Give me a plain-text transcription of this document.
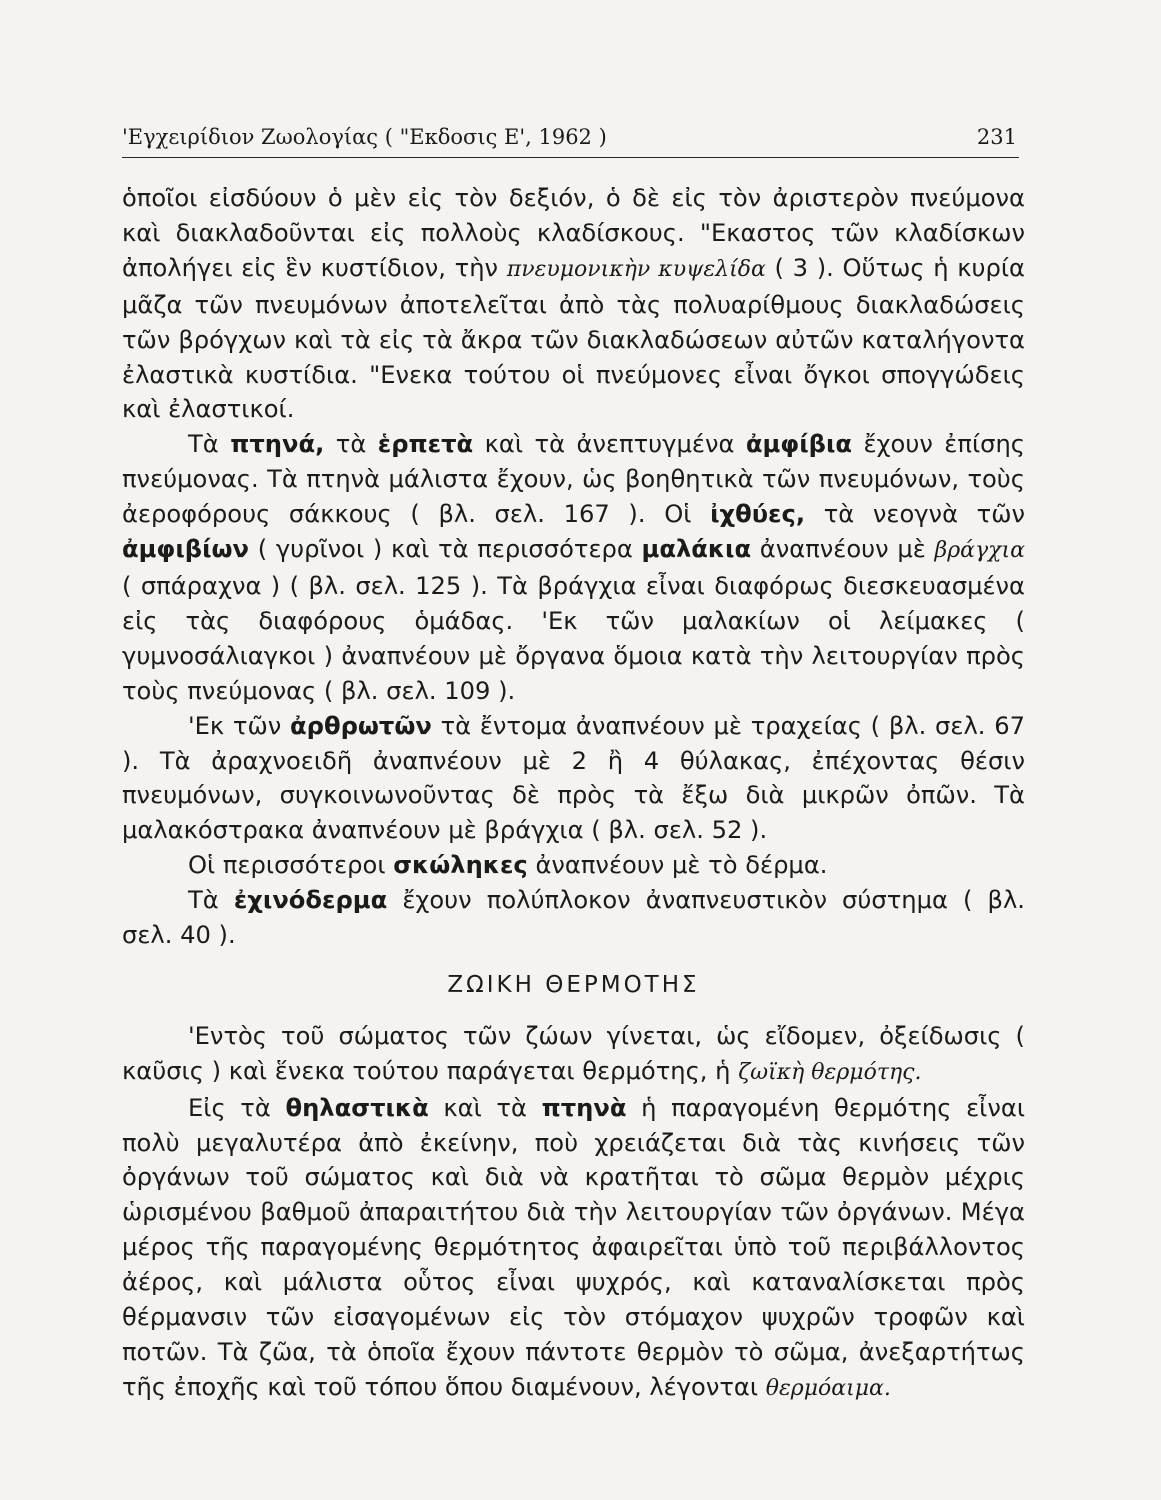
'Εγχειρίδιον Ζωολογίας ( "Εκδοσις Ε', 1962 )	231

ὁποῖοι εἰσδύουν ὁ μὲν εἰς τὸν δεξιόν, ὁ δὲ εἰς τὸν ἀριστερὸν πνεύμονα καὶ διακλαδοῦνται εἰς πολλοὺς κλαδίσκους. "Εκαστος τῶν κλαδίσκων ἀπολήγει εἰς ἓν κυστίδιον, τὴν πνευμονικὴν κυψελίδα ( 3 ). Οὕτως ἡ κυρία μᾶζα τῶν πνευμόνων ἀποτελεῖται ἀπὸ τὰς πολυαρίθμους διακλαδώσεις τῶν βρόγχων καὶ τὰ εἰς τὰ ἄκρα τῶν διακλαδώσεων αὐτῶν καταλήγοντα ἐλαστικὰ κυστίδια. "Ενεκα τούτου οἱ πνεύμονες εἶναι ὄγκοι σπογγώδεις καὶ ἐλαστικοί.

Τὰ πτηνά, τὰ ἑρπετὰ καὶ τὰ ἀνεπτυγμένα ἀμφίβια ἔχουν ἐπίσης πνεύμονας. Τὰ πτηνὰ μάλιστα ἔχουν, ὡς βοηθητικὰ τῶν πνευμόνων, τοὺς ἀεροφόρους σάκκους ( βλ. σελ. 167 ). Οἱ ἰχθύες, τὰ νεογνὰ τῶν ἀμφιβίων ( γυρῖνοι ) καὶ τὰ περισσότερα μαλάκια ἀναπνέουν μὲ βράγχια ( σπάραχνα ) ( βλ. σελ. 125 ). Τὰ βράγχια εἶναι διαφόρως διεσκευασμένα εἰς τὰς διαφόρους ὁμάδας. 'Εκ τῶν μαλακίων οἱ λείμακες ( γυμνοσάλιαγκοι ) ἀναπνέουν μὲ ὄργανα ὅμοια κατὰ τὴν λειτουργίαν πρὸς τοὺς πνεύμονας ( βλ. σελ. 109 ).

'Εκ τῶν ἀρθρωτῶν τὰ ἔντομα ἀναπνέουν μὲ τραχείας ( βλ. σελ. 67 ). Τὰ ἀραχνοειδῆ ἀναπνέουν μὲ 2 ἢ 4 θύλακας, ἐπέχοντας θέσιν πνευμόνων, συγκοινωνοῦντας δὲ πρὸς τὰ ἔξω διὰ μικρῶν ὀπῶν. Τὰ μαλακόστρακα ἀναπνέουν μὲ βράγχια ( βλ. σελ. 52 ).

Οἱ περισσότεροι σκώληκες ἀναπνέουν μὲ τὸ δέρμα.

Τὰ ἐχινόδερμα ἔχουν πολύπλοκον ἀναπνευστικὸν σύστημα ( βλ. σελ. 40 ).

ΖΩΙΚΗ ΘΕΡΜΟΤΗΣ

'Εντὸς τοῦ σώματος τῶν ζώων γίνεται, ὡς εἴδομεν, ὀξείδωσις ( καῦσις ) καὶ ἕνεκα τούτου παράγεται θερμότης, ἡ ζωϊκὴ θερμότης.

Εἰς τὰ θηλαστικὰ καὶ τὰ πτηνὰ ἡ παραγομένη θερμότης εἶναι πολὺ μεγαλυτέρα ἀπὸ ἐκείνην, ποὺ χρειάζεται διὰ τὰς κινήσεις τῶν ὀργάνων τοῦ σώματος καὶ διὰ νὰ κρατῆται τὸ σῶμα θερμὸν μέχρις ὡρισμένου βαθμοῦ ἀπαραιτήτου διὰ τὴν λειτουργίαν τῶν ὀργάνων. Μέγα μέρος τῆς παραγομένης θερμότητος ἀφαιρεῖται ὑπὸ τοῦ περιβάλλοντος ἀέρος, καὶ μάλιστα οὗτος εἶναι ψυχρός, καὶ καταναλίσκεται πρὸς θέρμανσιν τῶν εἰσαγομένων εἰς τὸν στόμαχον ψυχρῶν τροφῶν καὶ ποτῶν. Τὰ ζῶα, τὰ ὁποῖα ἔχουν πάντοτε θερμὸν τὸ σῶμα, ἀνεξαρτήτως τῆς ἐποχῆς καὶ τοῦ τόπου ὅπου διαμένουν, λέγονται θερμόαιμα.
